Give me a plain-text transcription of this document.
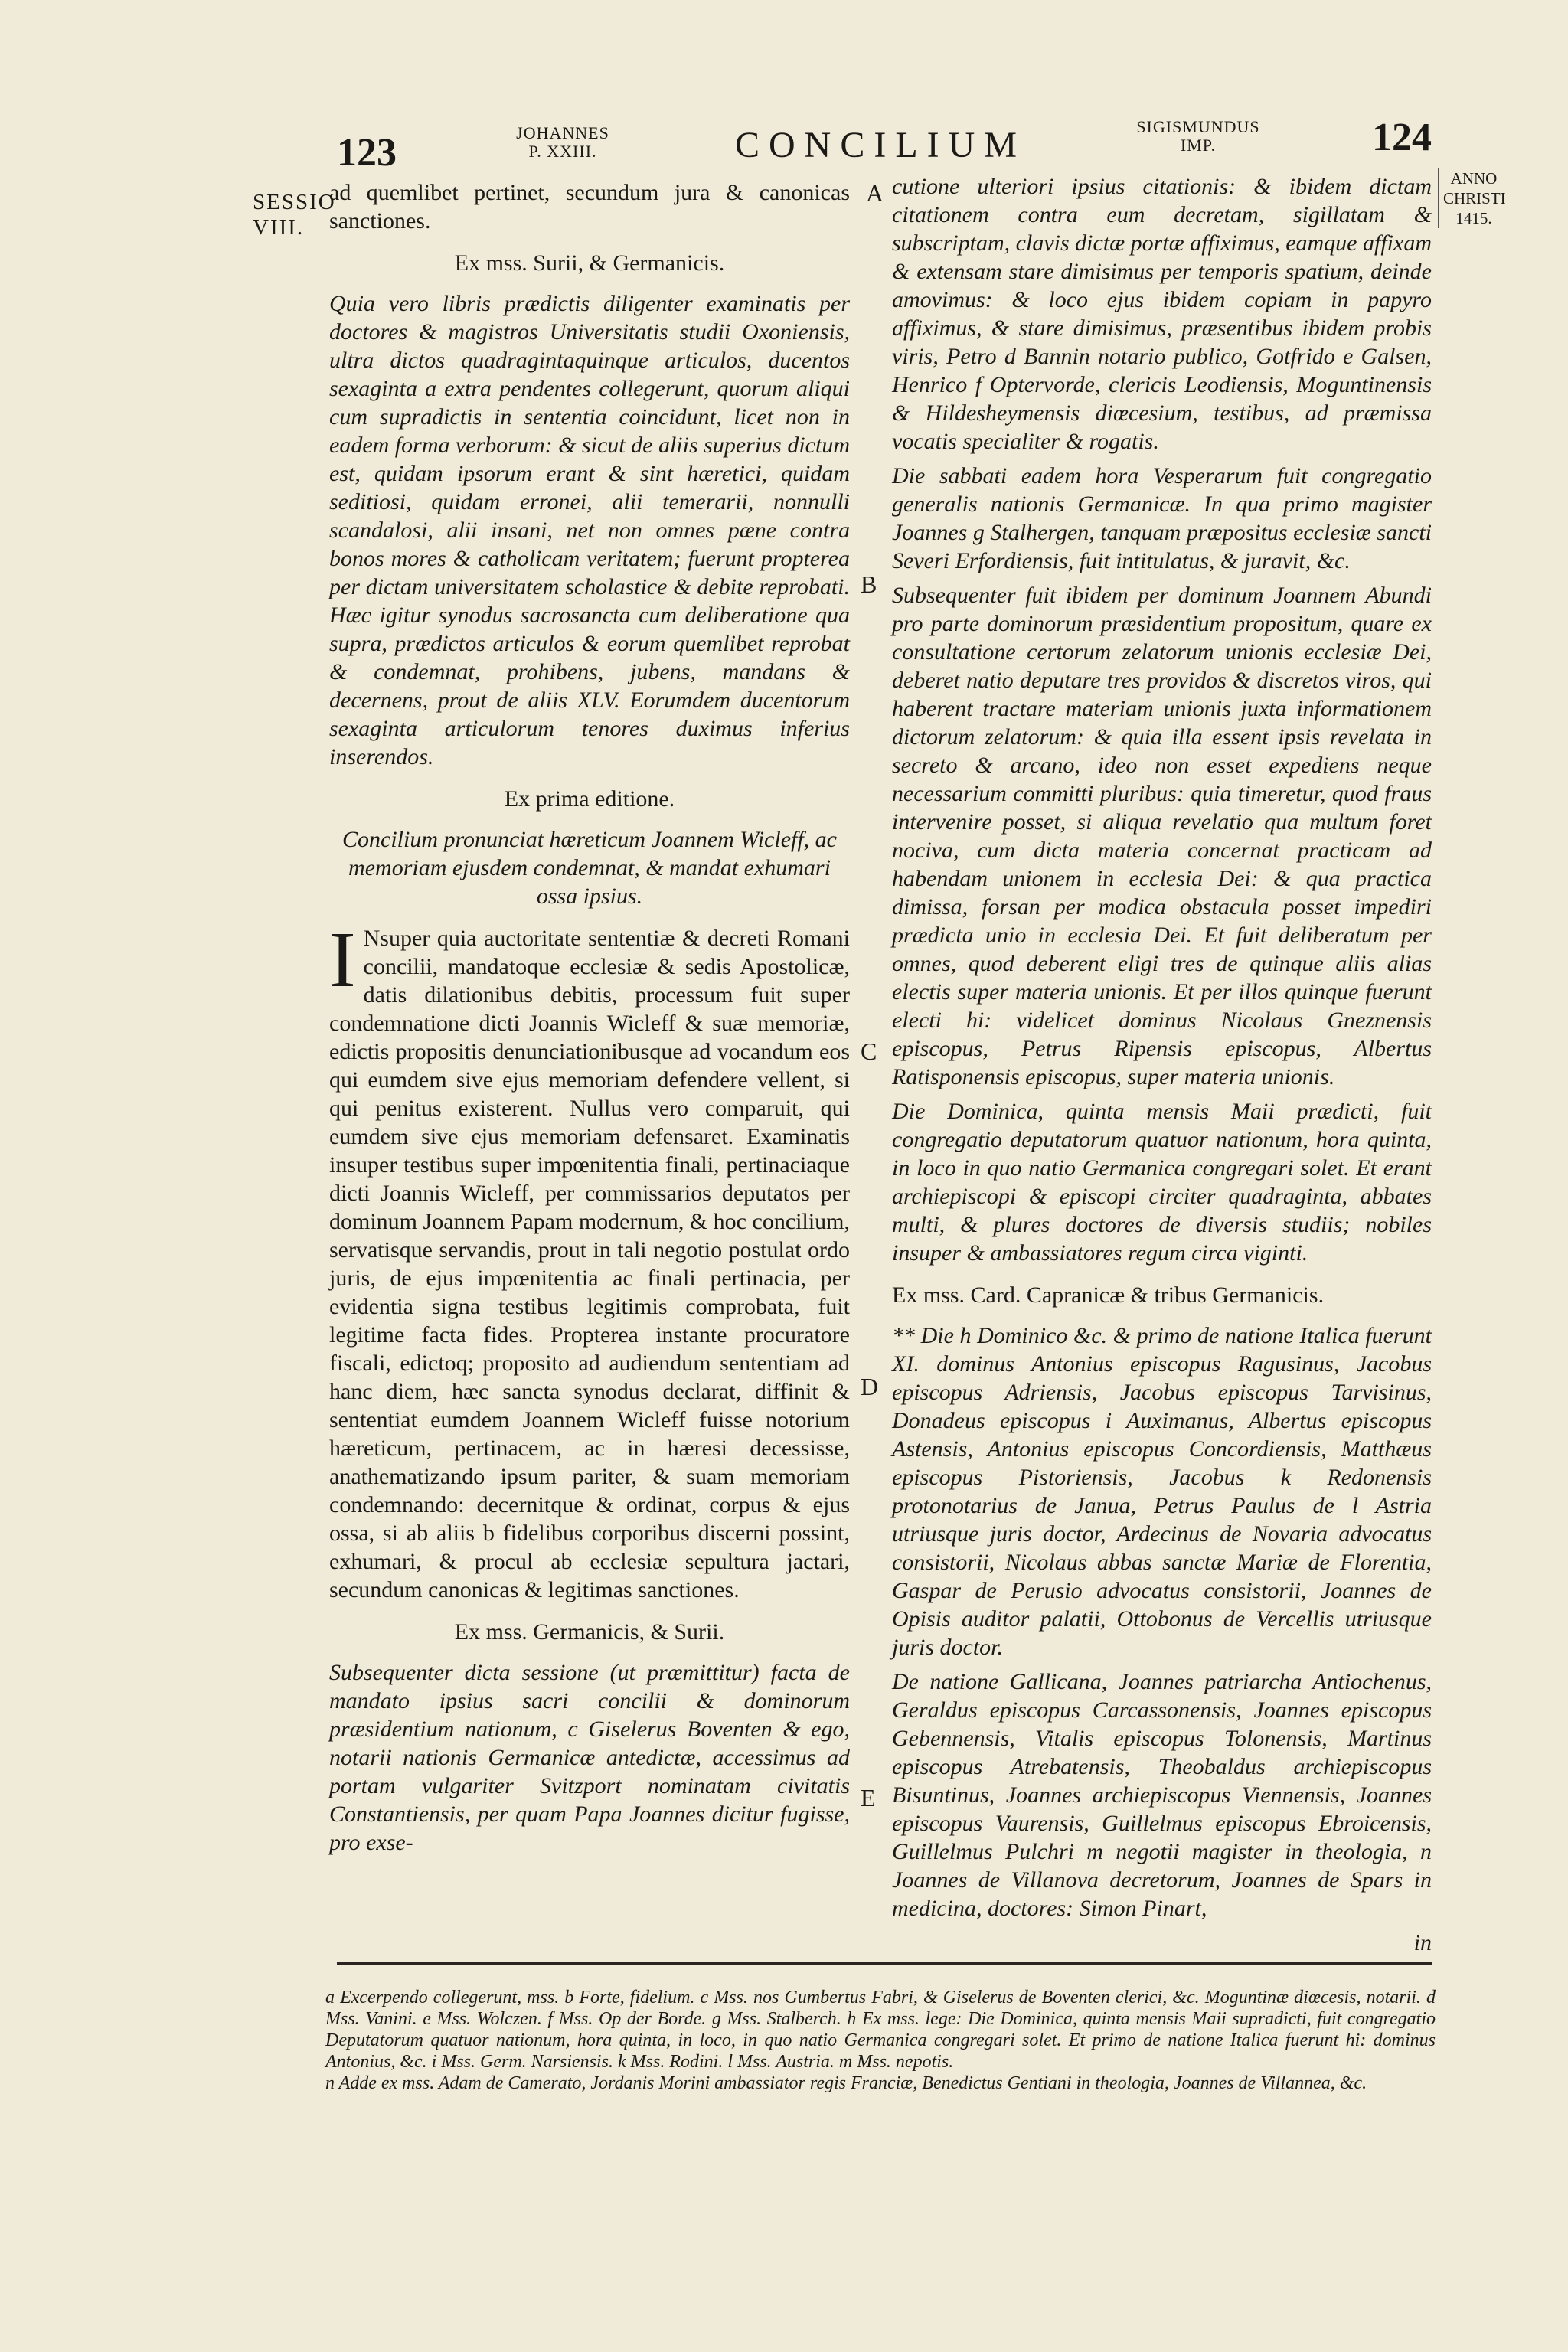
123	JOHANNES
P. XXIII.	CONCILIUM	SIGISMUNDUS
IMP.	124
SESSIO
VIII.
ANNO
CHRISTI
1415.
A
B
C
D
E

ad quemlibet pertinet, secundum jura & canonicas sanctiones.

Ex mss. Surii, & Germanicis.

Quia vero libris prædictis diligenter examinatis per doctores & magistros Universitatis studii Oxoniensis, ultra dictos quadragintaquinque articulos, ducentos sexaginta a extra pendentes collegerunt, quorum aliqui cum supradictis in sententia coincidunt, licet non in eadem forma verborum: & sicut de aliis superius dictum est, quidam ipsorum erant & sint hæretici, quidam seditiosi, quidam erronei, alii temerarii, nonnulli scandalosi, alii insani, net non omnes pæne contra bonos mores & catholicam veritatem; fuerunt propterea per dictam universitatem scholastice & debite reprobati. Hæc igitur synodus sacrosancta cum deliberatione qua supra, prædictos articulos & eorum quemlibet reprobat & condemnat, prohibens, jubens, mandans & decernens, prout de aliis XLV. Eorumdem ducentorum sexaginta articulorum tenores duximus inferius inserendos.

Ex prima editione.
Concilium pronunciat hæreticum Joannem Wicleff, ac memoriam ejusdem condemnat, & mandat exhumari ossa ipsius.

I Nsuper quia auctoritate sententiæ & decreti Romani concilii, mandatoque ecclesiæ & sedis Apostolicæ, datis dilationibus debitis, processum fuit super condemnatione dicti Joannis Wicleff & suæ memoriæ, edictis propositis denunciationibusque ad vocandum eos qui eumdem sive ejus memoriam defendere vellent, si qui penitus existerent. Nullus vero comparuit, qui eumdem sive ejus memoriam defensaret. Examinatis insuper testibus super impœnitentia finali, pertinaciaque dicti Joannis Wicleff, per commissarios deputatos per dominum Joannem Papam modernum, & hoc concilium, servatisque servandis, prout in tali negotio postulat ordo juris, de ejus impœnitentia ac finali pertinacia, per evidentia signa testibus legitimis comprobata, fuit legitime facta fides. Propterea instante procuratore fiscali, edictoq; proposito ad audiendum sententiam ad hanc diem, hæc sancta synodus declarat, diffinit & sententiat eumdem Joannem Wicleff fuisse notorium hæreticum, pertinacem, ac in hæresi decessisse, anathematizando ipsum pariter, & suam memoriam condemnando: decernitque & ordinat, corpus & ejus ossa, si ab aliis b fidelibus corporibus discerni possint, exhumari, & procul ab ecclesiæ sepultura jactari, secundum canonicas & legitimas sanctiones.

Ex mss. Germanicis, & Surii.

Subsequenter dicta sessione (ut præmittitur) facta de mandato ipsius sacri concilii & dominorum præsidentium nationum, c Giselerus Boventen & ego, notarii nationis Germanicæ antedictæ, accessimus ad portam vulgariter Svitzport nominatam civitatis Constantiensis, per quam Papa Joannes dicitur fugisse, pro exse-

cutione ulteriori ipsius citationis: & ibidem dictam citationem contra eum decretam, sigillatam & subscriptam, clavis dictæ portæ affiximus, eamque affixam & extensam stare dimisimus per temporis spatium, deinde amovimus: & loco ejus ibidem copiam in papyro affiximus, & stare dimisimus, præsentibus ibidem probis viris, Petro d Bannin notario publico, Gotfrido e Galsen, Henrico f Optervorde, clericis Leodiensis, Moguntinensis & Hildesheymensis diœcesium, testibus, ad præmissa vocatis specialiter & rogatis.

Die sabbati eadem hora Vesperarum fuit congregatio generalis nationis Germanicæ. In qua primo magister Joannes g Stalhergen, tanquam præpositus ecclesiæ sancti Severi Erfordiensis, fuit intitulatus, & juravit, &c.

Subsequenter fuit ibidem per dominum Joannem Abundi pro parte dominorum præsidentium propositum, quare ex consultatione certorum zelatorum unionis ecclesiæ Dei, deberet natio deputare tres providos & discretos viros, qui haberent tractare materiam unionis juxta informationem dictorum zelatorum: & quia illa essent ipsis revelata in secreto & arcano, ideo non esset expediens neque necessarium committi pluribus: quia timeretur, quod fraus intervenire posset, si aliqua revelatio qua multum foret nociva, cum dicta materia concernat practicam ad habendam unionem in ecclesia Dei: & qua practica dimissa, forsan per modica obstacula posset impediri prædicta unio in ecclesia Dei. Et fuit deliberatum per omnes, quod deberent eligi tres de quinque aliis alias electis super materia unionis. Et per illos quinque fuerunt electi hi: videlicet dominus Nicolaus Gneznensis episcopus, Petrus Ripensis episcopus, Albertus Ratisponensis episcopus, super materia unionis.

Die Dominica, quinta mensis Maii prædicti, fuit congregatio deputatorum quatuor nationum, hora quinta, in loco in quo natio Germanica congregari solet. Et erant archiepiscopi & episcopi circiter quadraginta, abbates multi, & plures doctores de diversis studiis; nobiles insuper & ambassiatores regum circa viginti.

Ex mss. Card. Capranicæ & tribus Germanicis.

** Die h Dominico &c. & primo de natione Italica fuerunt XI. dominus Antonius episcopus Ragusinus, Jacobus episcopus Adriensis, Jacobus episcopus Tarvisinus, Donadeus episcopus i Auximanus, Albertus episcopus Astensis, Antonius episcopus Concordiensis, Matthæus episcopus Pistoriensis, Jacobus k Redonensis protonotarius de Janua, Petrus Paulus de l Astria utriusque juris doctor, Ardecinus de Novaria advocatus consistorii, Nicolaus abbas sanctæ Mariæ de Florentia, Gaspar de Perusio advocatus consistorii, Joannes de Opisis auditor palatii, Ottobonus de Vercellis utriusque juris doctor.

De natione Gallicana, Joannes patriarcha Antiochenus, Geraldus episcopus Carcassonensis, Joannes episcopus Gebennensis, Vitalis episcopus Tolonensis, Martinus episcopus Atrebatensis, Theobaldus archiepiscopus Bisuntinus, Joannes archiepiscopus Viennensis, Joannes episcopus Vaurensis, Guillelmus episcopus Ebroicensis, Guillelmus Pulchri m negotii magister in theologia, n Joannes de Villanova decretorum, Joannes de Spars in medicina, doctores: Simon Pinart,

in

a Excerpendo collegerunt, mss. b Forte, fidelium. c Mss. nos Gumbertus Fabri, & Giselerus de Boventen clerici, &c. Moguntinæ diœcesis, notarii. d Mss. Vanini. e Mss. Wolczen. f Mss. Op der Borde. g Mss. Stalberch. h Ex mss. lege: Die Dominica, quinta mensis Maii supradicti, fuit congregatio Deputatorum quatuor nationum, hora quinta, in loco, in quo natio Germanica congregari solet. Et primo de natione Italica fuerunt hi: dominus Antonius, &c. i Mss. Germ. Narsiensis. k Mss. Rodini. l Mss. Austria. m Mss. nepotis.

n Adde ex mss. Adam de Camerato, Jordanis Morini ambassiator regis Franciæ, Benedictus Gentiani in theologia, Joannes de Villannea, &c.
